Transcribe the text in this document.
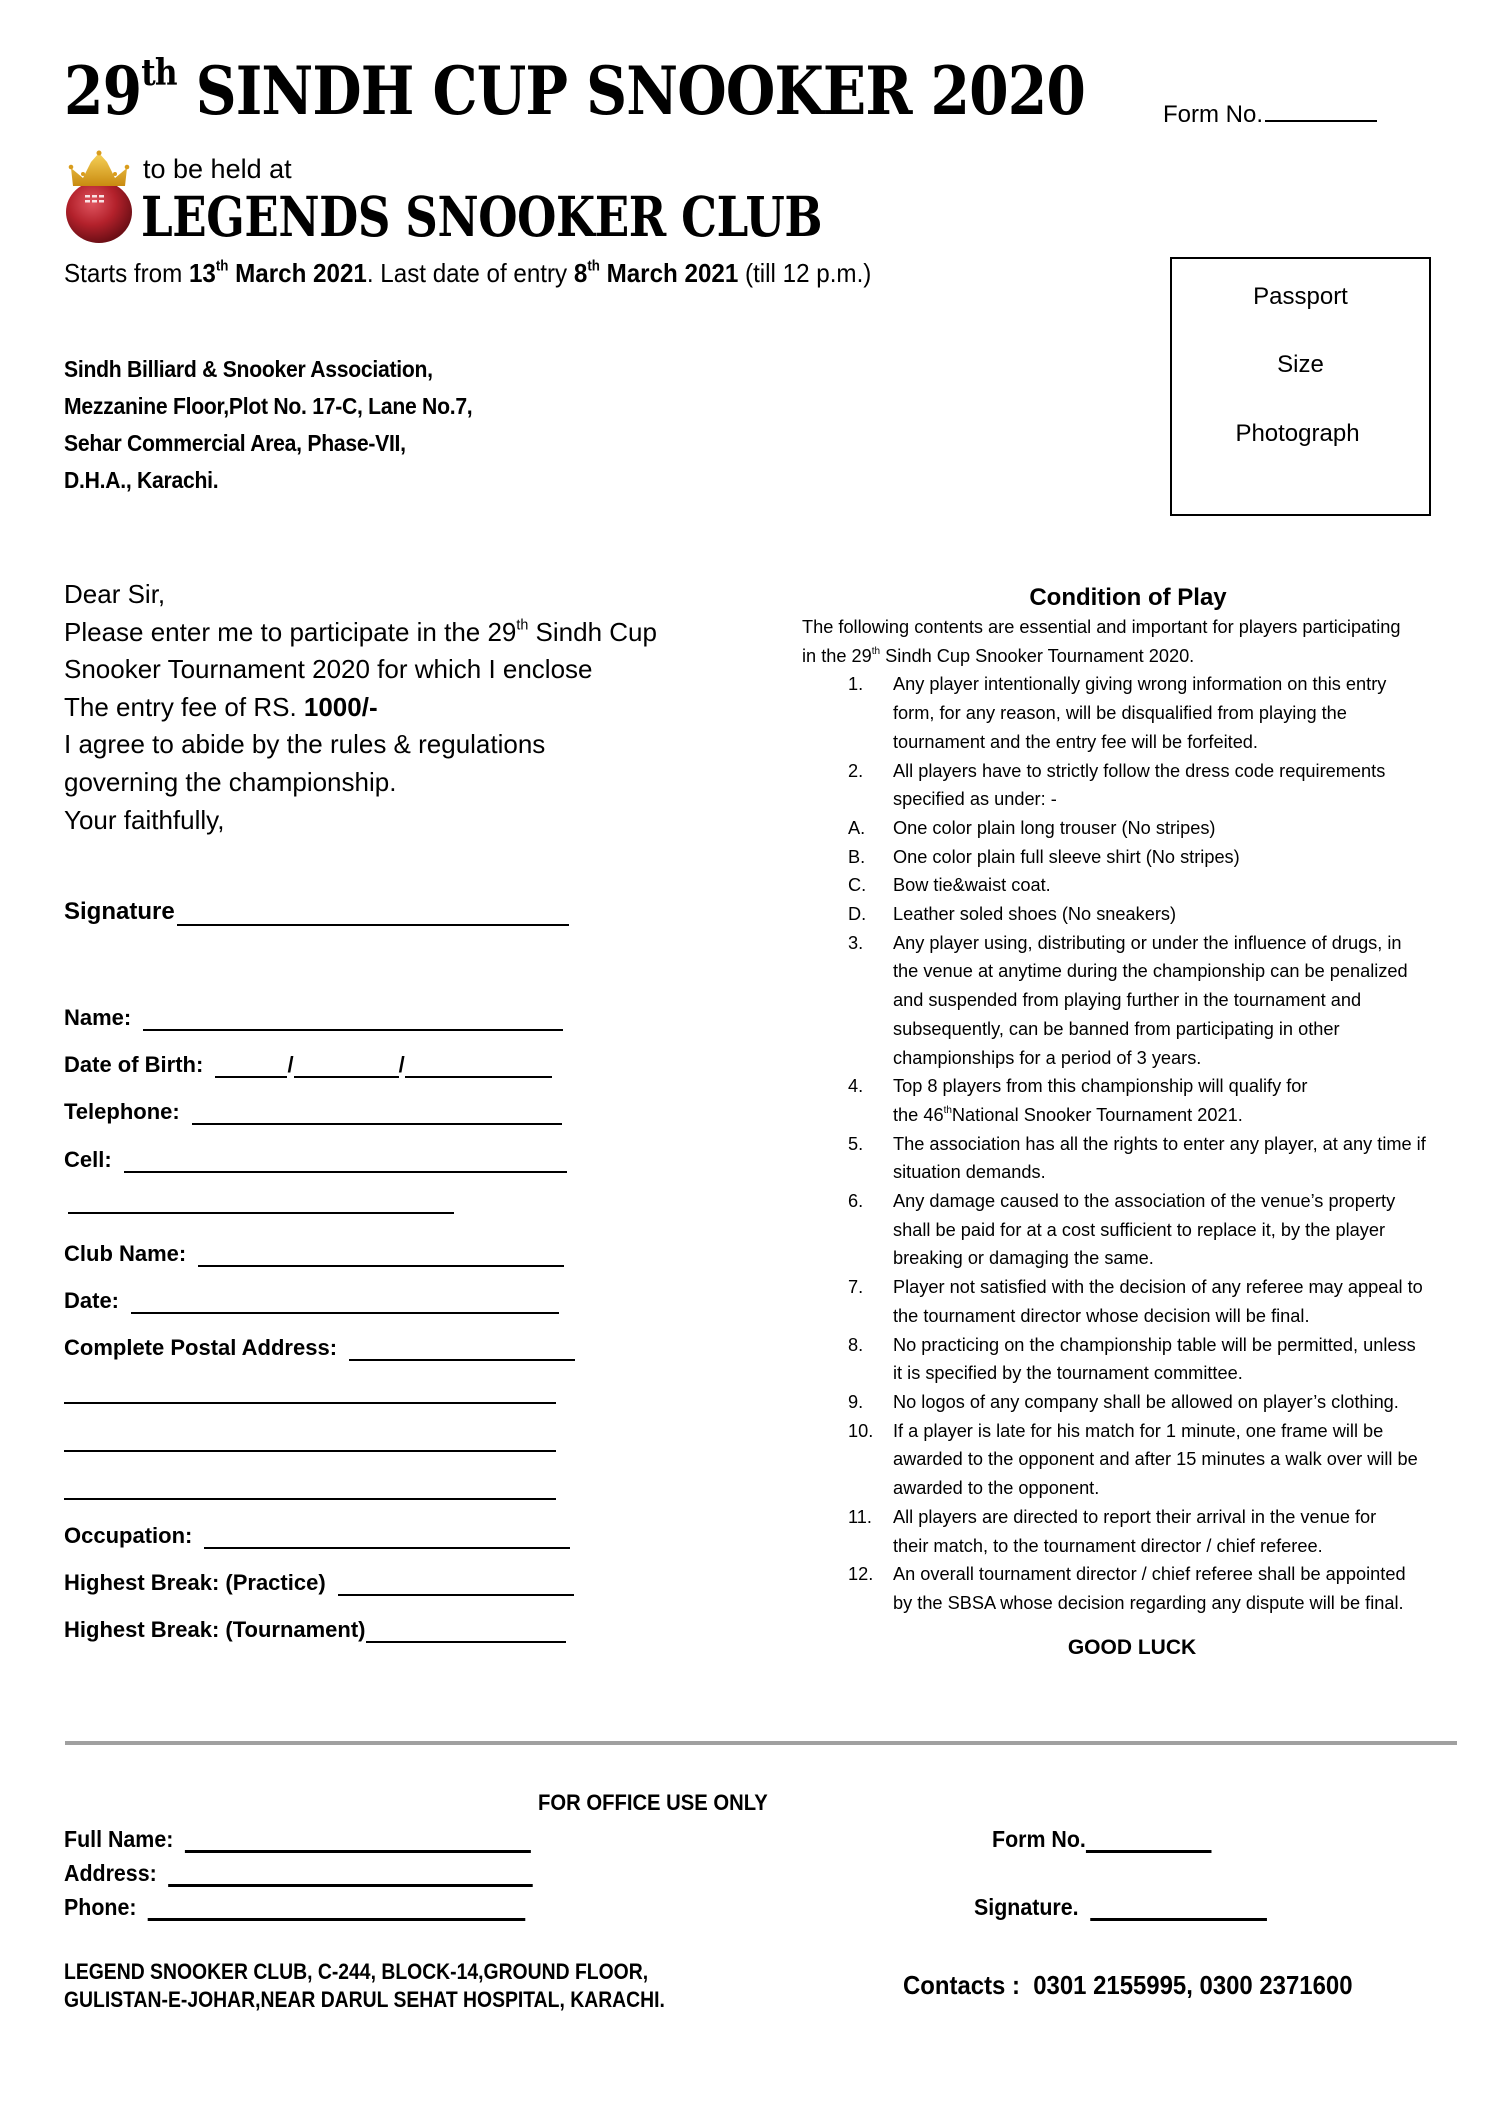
29th SINDH CUP SNOOKER 2020	Form No.
to be held at
LEGENDS SNOOKER CLUB
Starts from 13th March 2021. Last date of entry 8th March 2021 (till 12 p.m.)
Passport
Size
Photograph
Sindh Billiard & Snooker Association,
Mezzanine Floor,Plot No. 17-C, Lane No.7,
Sehar Commercial Area, Phase-VII,
D.H.A., Karachi.
Dear Sir,
Please enter me to participate in the 29th Sindh Cup
Snooker Tournament 2020 for which I enclose
The entry fee of RS. 1000/-
I agree to abide by the rules & regulations
governing the championship.
Your faithfully,
Signature
Name:
Date of Birth:	/	/
Telephone:
Cell:
Club Name:
Date:
Complete Postal Address:
Occupation:
Highest Break: (Practice)
Highest Break: (Tournament)
Condition of Play
The following contents are essential and important for players participating
in the 29th Sindh Cup Snooker Tournament 2020.
1.	Any player intentionally giving wrong information on this entry
form, for any reason, will be disqualified from playing the
tournament and the entry fee will be forfeited.
2.	All players have to strictly follow the dress code requirements
specified as under: -
A.	One color plain long trouser (No stripes)
B.	One color plain full sleeve shirt (No stripes)
C.	Bow tie&waist coat.
D.	Leather soled shoes (No sneakers)
3.	Any player using, distributing or under the influence of drugs, in
the venue at anytime during the championship can be penalized
and suspended from playing further in the tournament and
subsequently, can be banned from participating in other
championships for a period of 3 years.
4.	Top 8 players from this championship will qualify for
the 46thNational Snooker Tournament 2021.
5.	The association has all the rights to enter any player, at any time if
situation demands.
6.	Any damage caused to the association of the venue’s property
shall be paid for at a cost sufficient to replace it, by the player
breaking or damaging the same.
7.	Player not satisfied with the decision of any referee may appeal to
the tournament director whose decision will be final.
8.	No practicing on the championship table will be permitted, unless
it is specified by the tournament committee.
9.	No logos of any company shall be allowed on player’s clothing.
10.	If a player is late for his match for 1 minute, one frame will be
awarded to the opponent and after 15 minutes a walk over will be
awarded to the opponent.
11.	All players are directed to report their arrival in the venue for
their match, to the tournament director / chief referee.
12.	An overall tournament director / chief referee shall be appointed
by the SBSA whose decision regarding any dispute will be final.
GOOD LUCK
FOR OFFICE USE ONLY
Full Name:
Address:
Phone:
Form No.
Signature.
LEGEND SNOOKER CLUB, C-244, BLOCK-14,GROUND FLOOR,
GULISTAN-E-JOHAR,NEAR DARUL SEHAT HOSPITAL, KARACHI.	Contacts :  0301 2155995, 0300 2371600
